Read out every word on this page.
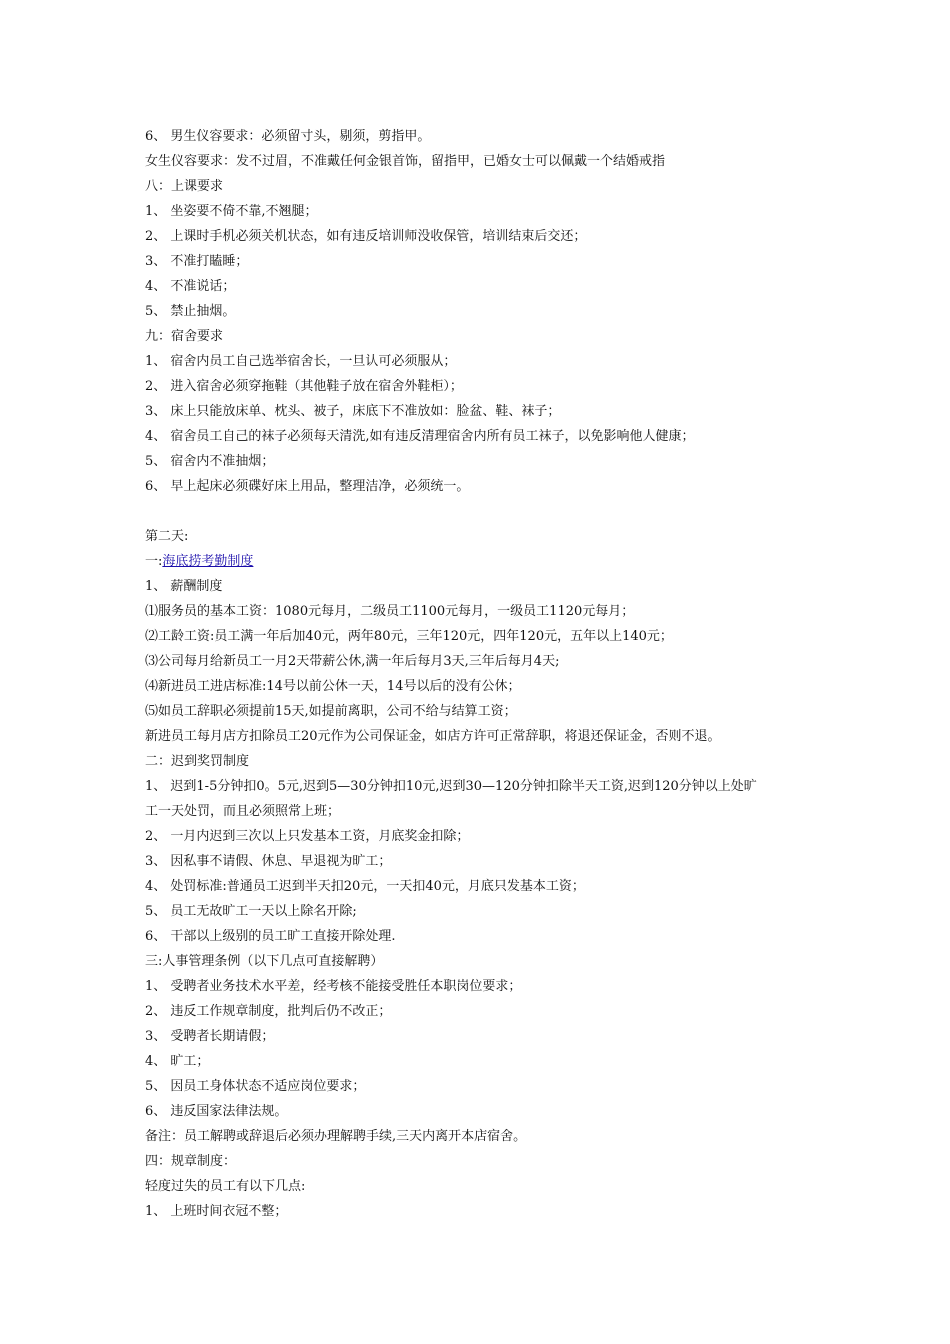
6、 男生仪容要求：必须留寸头，剔须，剪指甲。
女生仪容要求：发不过眉，不准戴任何金银首饰，留指甲，已婚女士可以佩戴一个结婚戒指
八：上课要求
1、 坐姿要不倚不靠,不翘腿；
2、 上课时手机必须关机状态，如有违反培训师没收保管，培训结束后交还；
3、 不准打瞌睡；
4、 不准说话；
5、 禁止抽烟。
九：宿舍要求
1、 宿舍内员工自己选举宿舍长，一旦认可必须服从；
2、 进入宿舍必须穿拖鞋（其他鞋子放在宿舍外鞋柜）；
3、 床上只能放床单、枕头、被子，床底下不准放如：脸盆、鞋、袜子；
4、 宿舍员工自己的袜子必须每天清洗,如有违反清理宿舍内所有员工袜子，以免影响他人健康；
5、 宿舍内不准抽烟；
6、 早上起床必须碟好床上用品，整理洁净，必须统一。
第二天:
一:海底捞考勤制度
1、 薪酬制度
⑴服务员的基本工资：1080元每月，二级员工1100元每月，一级员工1120元每月；
⑵工龄工资:员工满一年后加40元，两年80元，三年120元，四年120元，五年以上140元；
⑶公司每月给新员工一月2天带薪公休,满一年后每月3天,三年后每月4天;
⑷新进员工进店标准:14号以前公休一天，14号以后的没有公休；
⑸如员工辞职必须提前15天,如提前离职，公司不给与结算工资；
新进员工每月店方扣除员工20元作为公司保证金，如店方许可正常辞职，将退还保证金，否则不退。
二：迟到奖罚制度
1、 迟到1-5分钟扣0。5元,迟到5—30分钟扣10元,迟到30—120分钟扣除半天工资,迟到120分钟以上处旷
工一天处罚，而且必须照常上班；
2、 一月内迟到三次以上只发基本工资，月底奖金扣除；
3、 因私事不请假、休息、早退视为旷工；
4、 处罚标准:普通员工迟到半天扣20元，一天扣40元，月底只发基本工资；
5、 员工无故旷工一天以上除名开除;
6、 干部以上级别的员工旷工直接开除处理.
三:人事管理条例（以下几点可直接解聘）
1、 受聘者业务技术水平差，经考核不能接受胜任本职岗位要求；
2、 违反工作规章制度，批判后仍不改正；
3、 受聘者长期请假；
4、 旷工；
5、 因员工身体状态不适应岗位要求；
6、 违反国家法律法规。
备注：员工解聘或辞退后必须办理解聘手续,三天内离开本店宿舍。
四：规章制度：
轻度过失的员工有以下几点:
1、 上班时间衣冠不整；
